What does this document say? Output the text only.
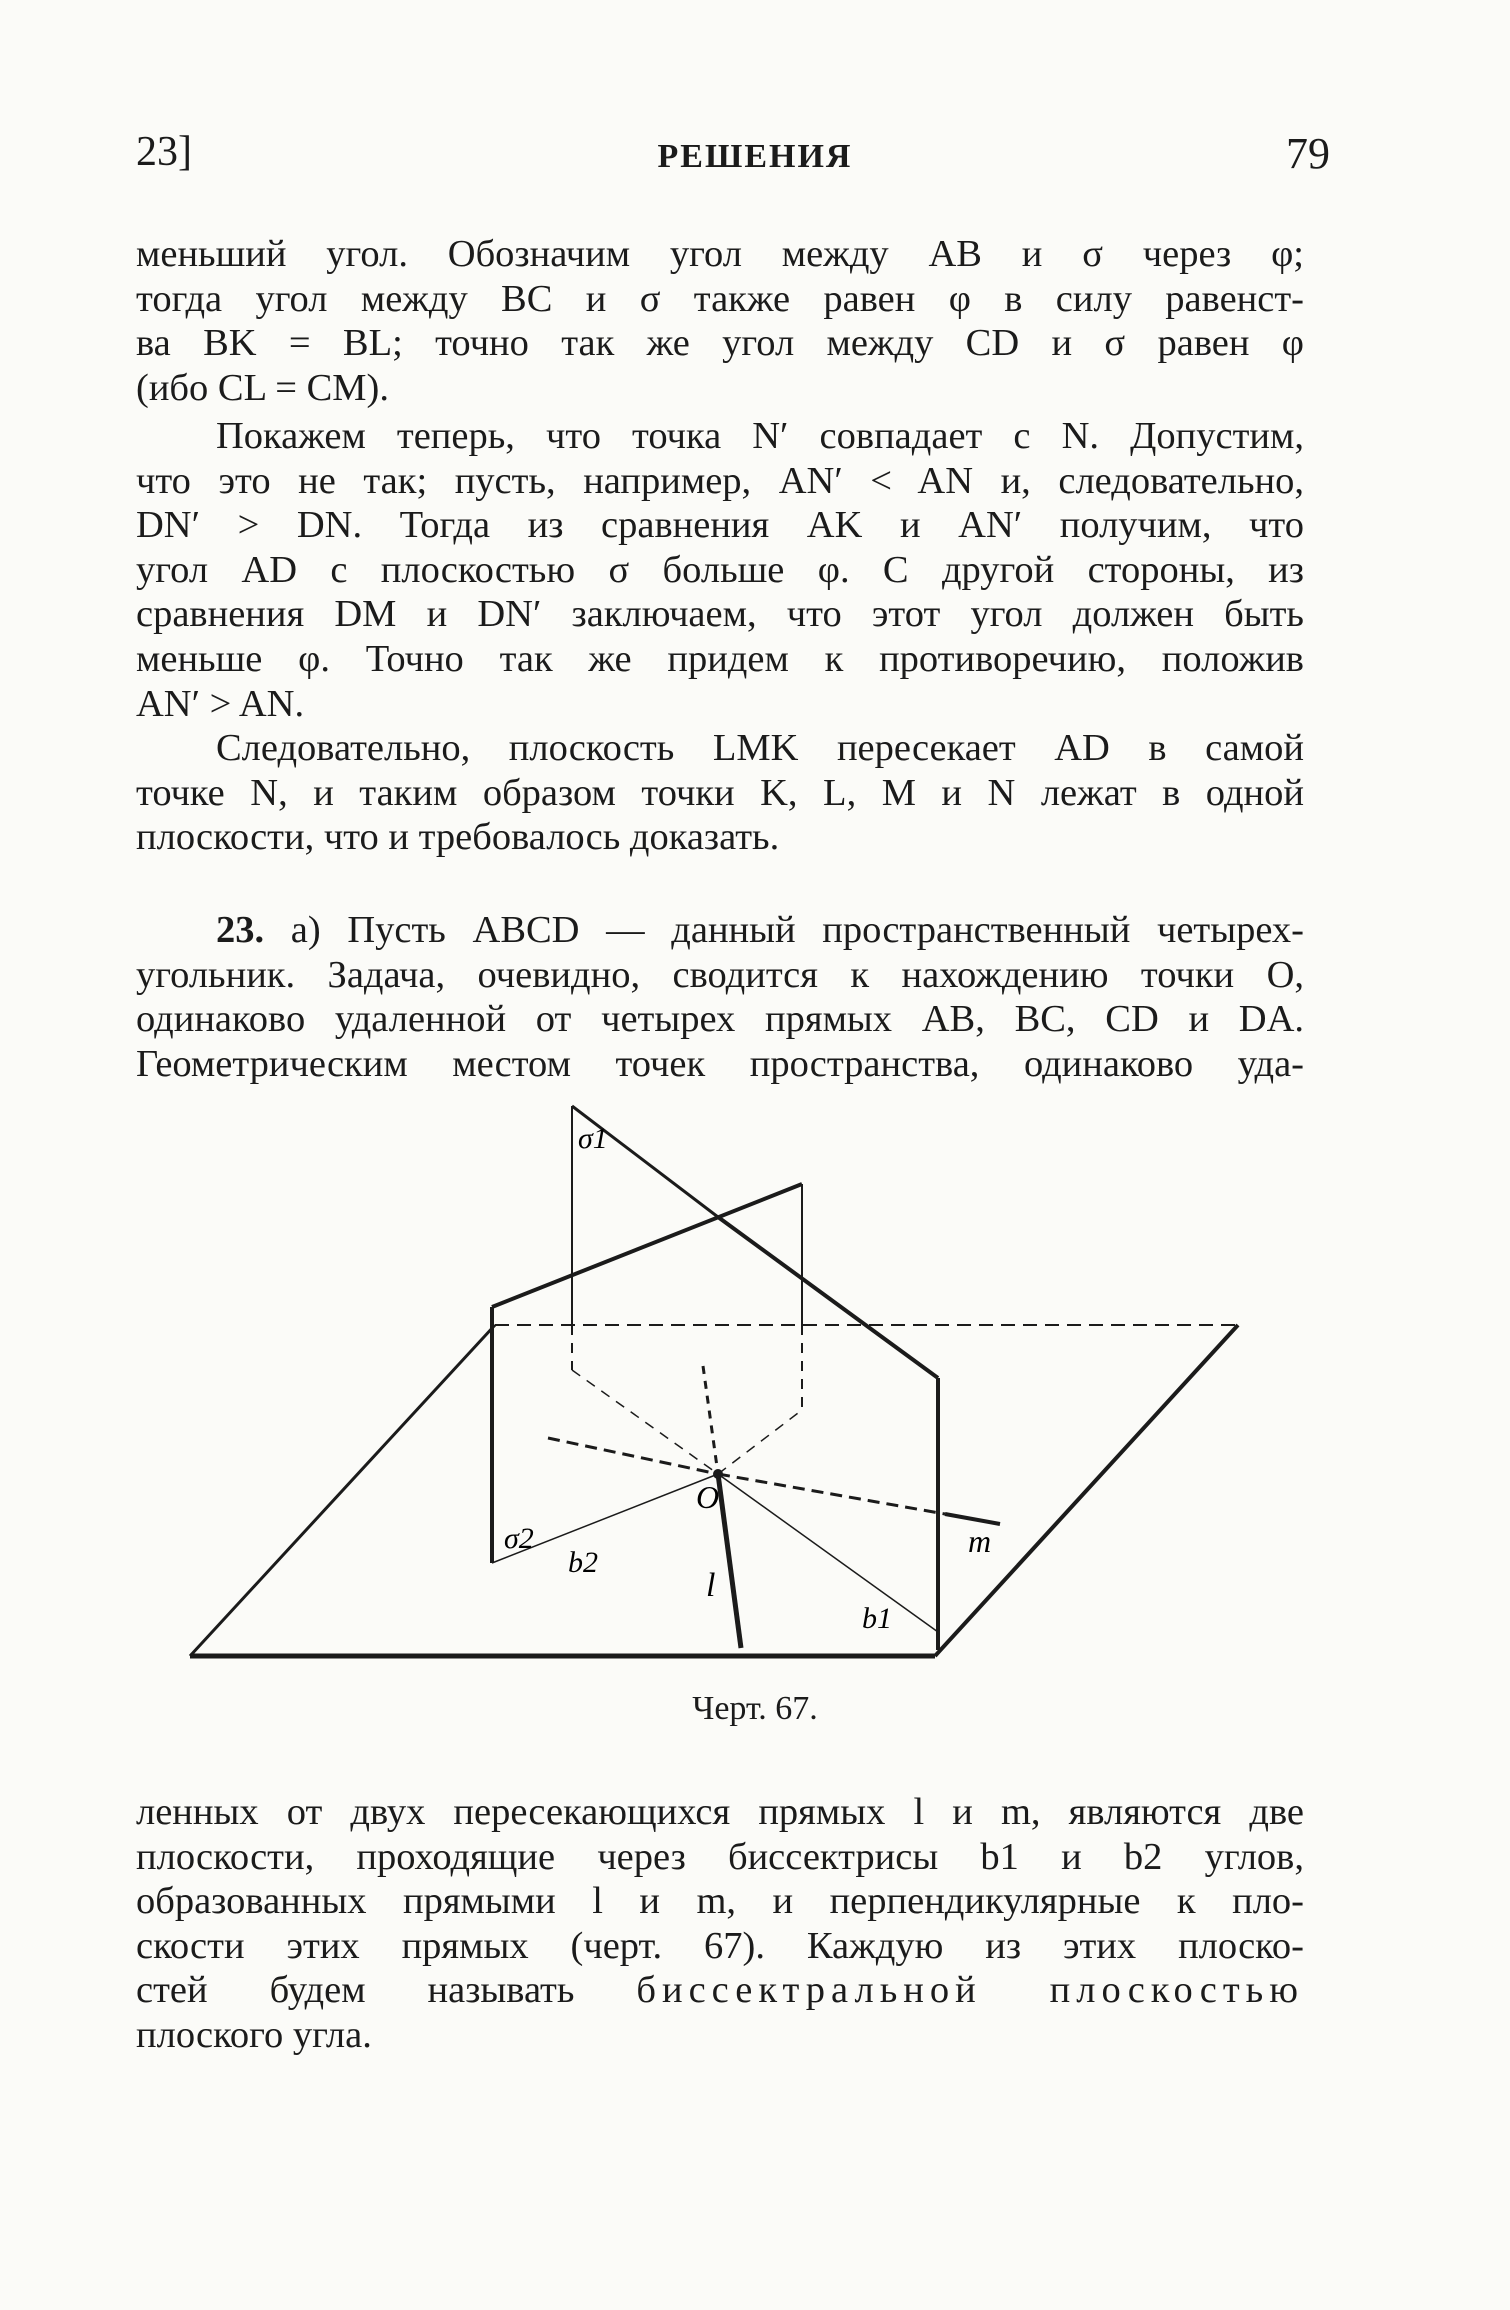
23]	РЕШЕНИЯ	79
меньший угол. Обозначим угол между AB и σ через φ;
тогда угол между BC и σ также равен φ в силу равенст-
ва BK = BL; точно так же угол между CD и σ равен φ
(ибо CL = CM).
Покажем теперь, что точка N′ совпадает с N. Допустим,
что это не так; пусть, например, AN′ < AN и, следовательно,
DN′ > DN. Тогда из сравнения AK и AN′ получим, что
угол AD с плоскостью σ больше φ. С другой стороны, из
сравнения DM и DN′ заключаем, что этот угол должен быть
меньше φ. Точно так же придем к противоречию, положив
AN′ > AN.
Следовательно, плоскость LMK пересекает AD в самой
точке N, и таким образом точки K, L, M и N лежат в одной
плоскости, что и требовалось доказать.
23. а) Пусть ABCD — данный пространственный четырех-
угольник. Задача, очевидно, сводится к нахождению точки O,
одинаково удаленной от четырех прямых AB, BC, CD и DA.
Геометрическим местом точек пространства, одинаково уда-
σ1
σ2
b2
b1
O
l
m
Черт. 67.
ленных от двух пересекающихся прямых l и m, являются две
плоскости, проходящие через биссектрисы b1 и b2 углов,
образованных прямыми l и m, и перпендикулярные к пло-
скости этих прямых (черт. 67). Каждую из этих плоско-
стей будем называть биссектральной плоскостью
плоского угла.
